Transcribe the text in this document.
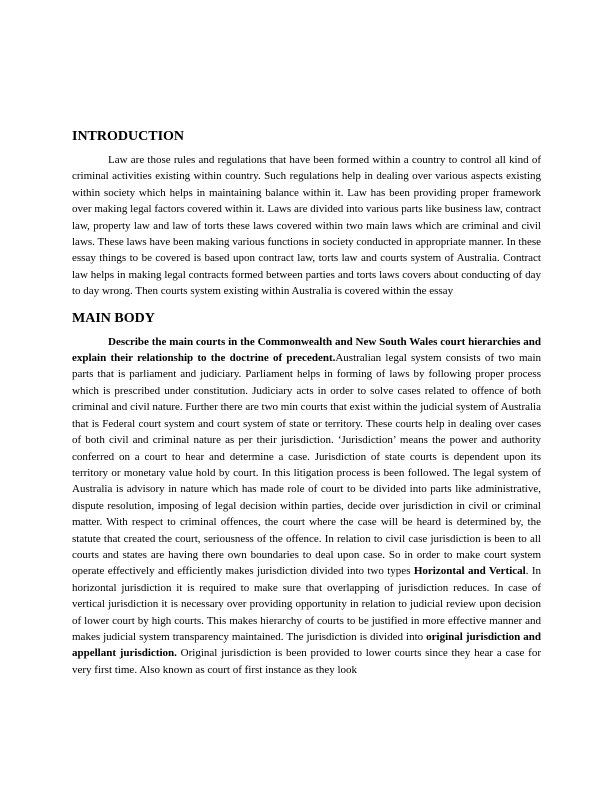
INTRODUCTION

Law are those rules and regulations that have been formed within a country to control all kind of criminal activities existing within country. Such regulations help in dealing over various aspects existing within society which helps in maintaining balance within it. Law has been providing proper framework over making legal factors covered within it. Laws are divided into various parts like business law, contract law, property law and law of torts these laws covered within two main laws which are criminal and civil laws. These laws have been making various functions in society conducted in appropriate manner. In these essay things to be covered is based upon contract law, torts law and courts system of Australia. Contract law helps in making legal contracts formed between parties and torts laws covers about conducting of day to day wrong. Then courts system existing within Australia is covered within the essay

MAIN BODY

Describe the main courts in the Commonwealth and New South Wales court hierarchies and explain their relationship to the doctrine of precedent.Australian legal system consists of two main parts that is parliament and judiciary. Parliament helps in forming of laws by following proper process which is prescribed under constitution. Judiciary acts in order to solve cases related to offence of both criminal and civil nature. Further there are two min courts that exist within the judicial system of Australia that is Federal court system and court system of state or territory. These courts help in dealing over cases of both civil and criminal nature as per their jurisdiction. ‘Jurisdiction’ means the power and authority conferred on a court to hear and determine a case. Jurisdiction of state courts is dependent upon its territory or monetary value hold by court. In this litigation process is been followed. The legal system of Australia is advisory in nature which has made role of court to be divided into parts like administrative, dispute resolution, imposing of legal decision within parties, decide over jurisdiction in civil or criminal matter. With respect to criminal offences, the court where the case will be heard is determined by, the statute that created the court, seriousness of the offence. In relation to civil case jurisdiction is been to all courts and states are having there own boundaries to deal upon case. So in order to make court system operate effectively and efficiently makes jurisdiction divided into two types Horizontal and Vertical. In horizontal jurisdiction it is required to make sure that overlapping of jurisdiction reduces. In case of vertical jurisdiction it is necessary over providing opportunity in relation to judicial review upon decision of lower court by high courts. This makes hierarchy of courts to be justified in more effective manner and makes judicial system transparency maintained. The jurisdiction is divided into original jurisdiction and appellant jurisdiction. Original jurisdiction is been provided to lower courts since they hear a case for very first time. Also known as court of first instance as they look
